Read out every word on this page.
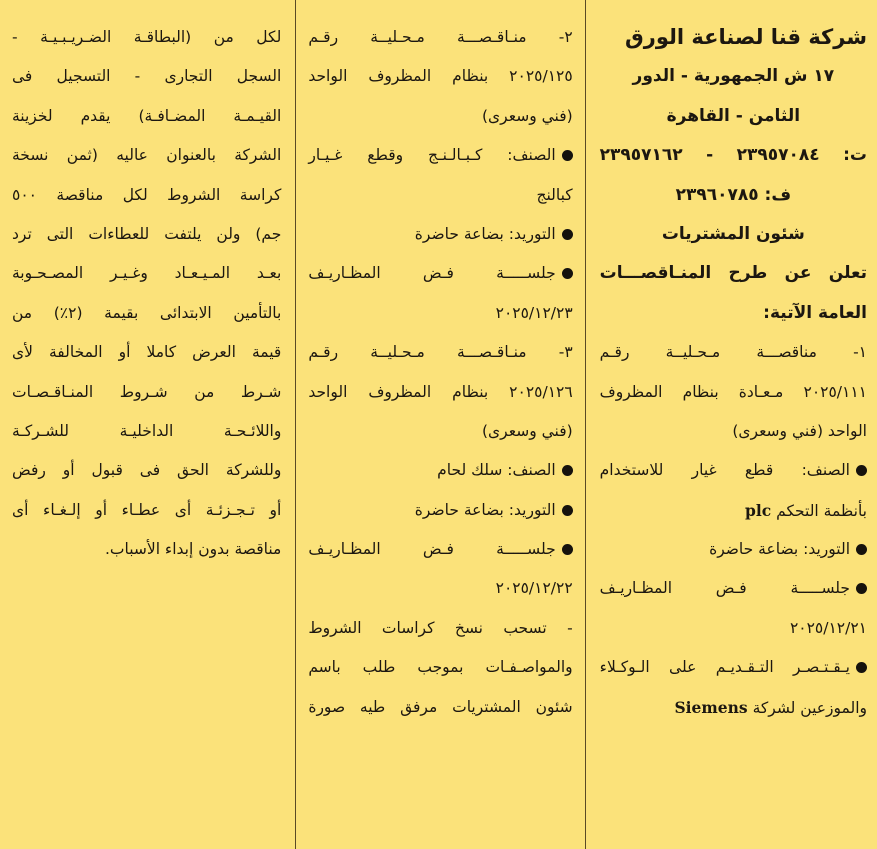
شركة قنا لصناعة الورق
١٧ ش الجمهورية - الدور
الثامن - القاهرة
ت: ٢٣٩٥٧٠٨٤ - ٢٣٩٥٧١٦٢
ف: ٢٣٩٦٠٧٨٥
شئون المشتريات
تعلن عن طرح المنـاقصـــات
العامة الآتية:
١- مناقصـــة مـحـليــة رقـم
٢٠٢٥/١١١ مـعـادة بنظام المظروف
الواحد (فني وسعرى)
الصنف: قطع غيار للاستخدام
بأنظمة التحكم plc
التوريد: بضاعة حاضرة
جلســـــة فـض المظـاريـف
٢٠٢٥/١٢/٢١
يـقـتـصـر التـقـديـم على الـوكـلاء
والموزعين لشركة Siemens
٢- منـاقـصـــة مـحـليــة رقـم
٢٠٢٥/١٢٥ بنظام المظروف الواحد
(فني وسعرى)
الصنف: كـبـالـنـج وقطع غـيـار
كبالنج
التوريد: بضاعة حاضرة
جلســـــة فـض المظـاريـف
٢٠٢٥/١٢/٢٣
٣- منـاقـصـــة مـحـليــة رقـم
٢٠٢٥/١٢٦ بنظام المظروف الواحد
(فني وسعرى)
الصنف: سلك لحام
التوريد: بضاعة حاضرة
جلســـــة فـض المظـاريـف
٢٠٢٥/١٢/٢٢
- تسحب نسخ كراسات الشروط
والمواصـفـات بموجب طلب باسم
شئون المشتريات مرفق طيه صورة
لكل من (البطاقـة الضـريـبـيـة -
السجل التجارى - التسجيل فى
القيـمـة المضـافـة) يقدم لخزينة
الشركة بالعنوان عاليه (ثمن نسخة
كراسة الشروط لكل مناقصة ٥٠٠
جم) ولن يلتفت للعطاءات التى ترد
بعـد المـيـعـاد وغـيـر المصـحـوبة
بالتأمين الابتدائى بقيمة (٢٪) من
قيمة العرض كاملا أو المخالفة لأى
شـرط من شـروط المنـاقـصـات
واللائـحـة الداخليـة للشـركـة
وللشركة الحق فى قبول أو رفض
أو تـجـزئـة أى عطـاء أو إلـغـاء أى
مناقصة بدون إبداء الأسباب.
